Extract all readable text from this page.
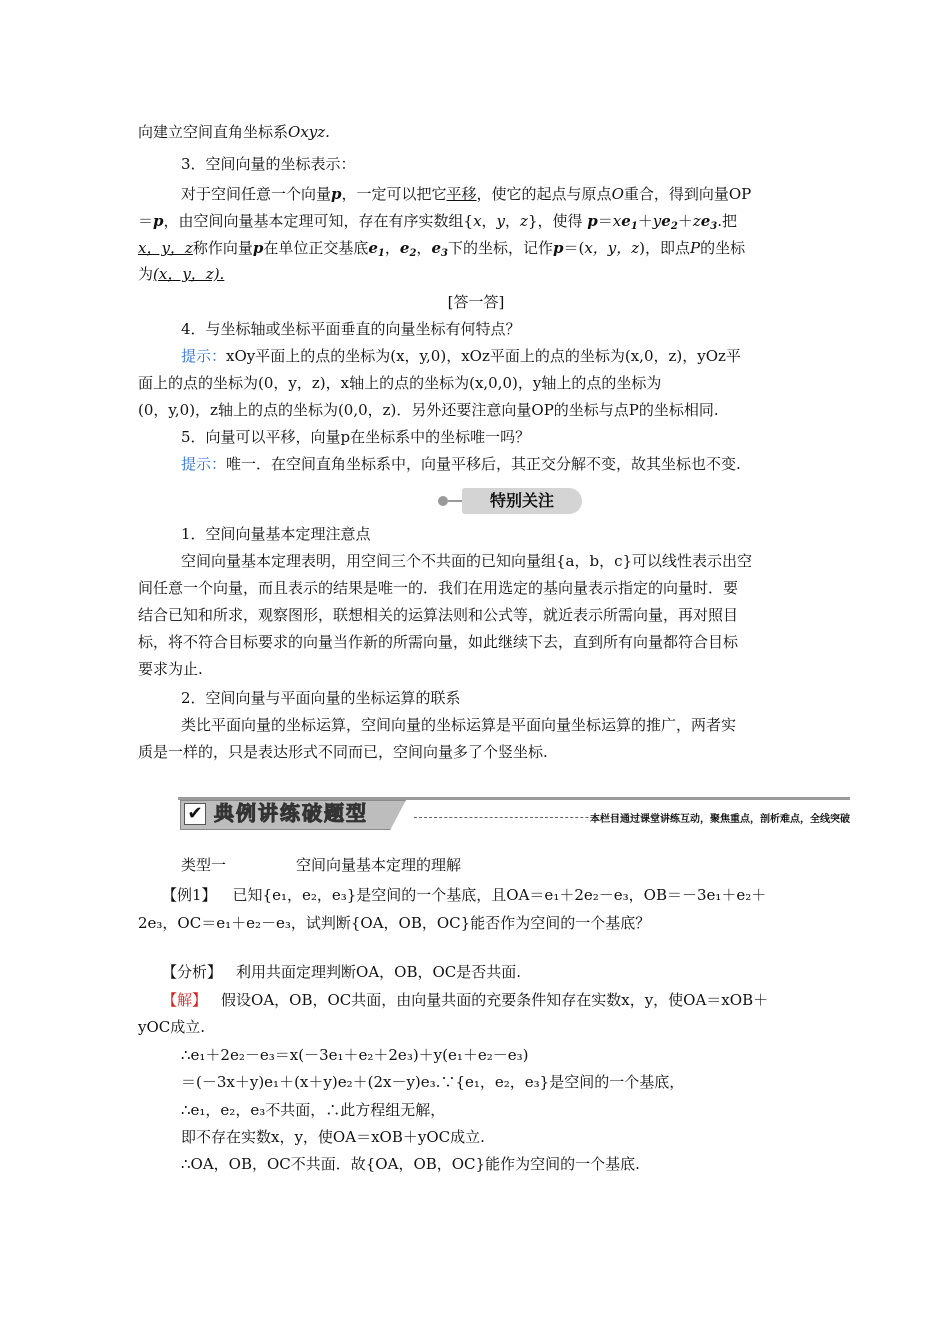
向建立空间直角坐标系Oxyz.
3．空间向量的坐标表示：
对于空间任意一个向量p，一定可以把它平移，使它的起点与原点O重合，得到向量OP
＝p，由空间向量基本定理可知，存在有序实数组{x，y，z}，使得 $p=xe_1+ye_2+ze_3$.把
x，y，z称作向量p在单位正交基底$e_1$，$e_2$，$e_3$下的坐标，记作p＝(x，y，z)，即点P的坐标
为(x，y，z).
[答一答]
4．与坐标轴或坐标平面垂直的向量坐标有何特点？
提示：xOy平面上的点的坐标为(x，y,0)，xOz平面上的点的坐标为(x,0，z)，yOz平
面上的点的坐标为(0，y，z)，x轴上的点的坐标为(x,0,0)，y轴上的点的坐标为
(0，y,0)，z轴上的点的坐标为(0,0，z)．另外还要注意向量OP的坐标与点P的坐标相同.
5．向量可以平移，向量p在坐标系中的坐标唯一吗？
提示：唯一．在空间直角坐标系中，向量平移后，其正交分解不变，故其坐标也不变.
特别关注
1．空间向量基本定理注意点
空间向量基本定理表明，用空间三个不共面的已知向量组{a，b，c}可以线性表示出空
间任意一个向量，而且表示的结果是唯一的．我们在用选定的基向量表示指定的向量时．要
结合已知和所求，观察图形，联想相关的运算法则和公式等，就近表示所需向量，再对照目
标，将不符合目标要求的向量当作新的所需向量，如此继续下去，直到所有向量都符合目标
要求为止.
2．空间向量与平面向量的坐标运算的联系
类比平面向量的坐标运算，空间向量的坐标运算是平面向量坐标运算的推广，两者实
质是一样的，只是表达形式不同而已，空间向量多了个竖坐标.
✔ 典例讲练破题型	本栏目通过课堂讲练互动，聚焦重点，剖析难点，全线突破
类型一	空间向量基本定理的理解
【例1】 已知{e₁，e₂，e₃}是空间的一个基底，且OA＝e₁＋2e₂－e₃，OB＝－3e₁＋e₂＋
2e₃，OC＝e₁＋e₂－e₃，试判断{OA，OB，OC}能否作为空间的一个基底？
【分析】 利用共面定理判断OA，OB，OC是否共面.
【解】 假设OA，OB，OC共面，由向量共面的充要条件知存在实数x，y，使OA＝xOB＋
yOC成立.
∴e₁＋2e₂－e₃＝x(－3e₁＋e₂＋2e₃)＋y(e₁＋e₂－e₃)
＝(－3x＋y)e₁＋(x＋y)e₂＋(2x－y)e₃.∵{e₁，e₂，e₃}是空间的一个基底，
∴e₁，e₂，e₃不共面，∴此方程组无解，
即不存在实数x，y，使OA＝xOB＋yOC成立.
∴OA，OB，OC不共面．故{OA，OB，OC}能作为空间的一个基底.
